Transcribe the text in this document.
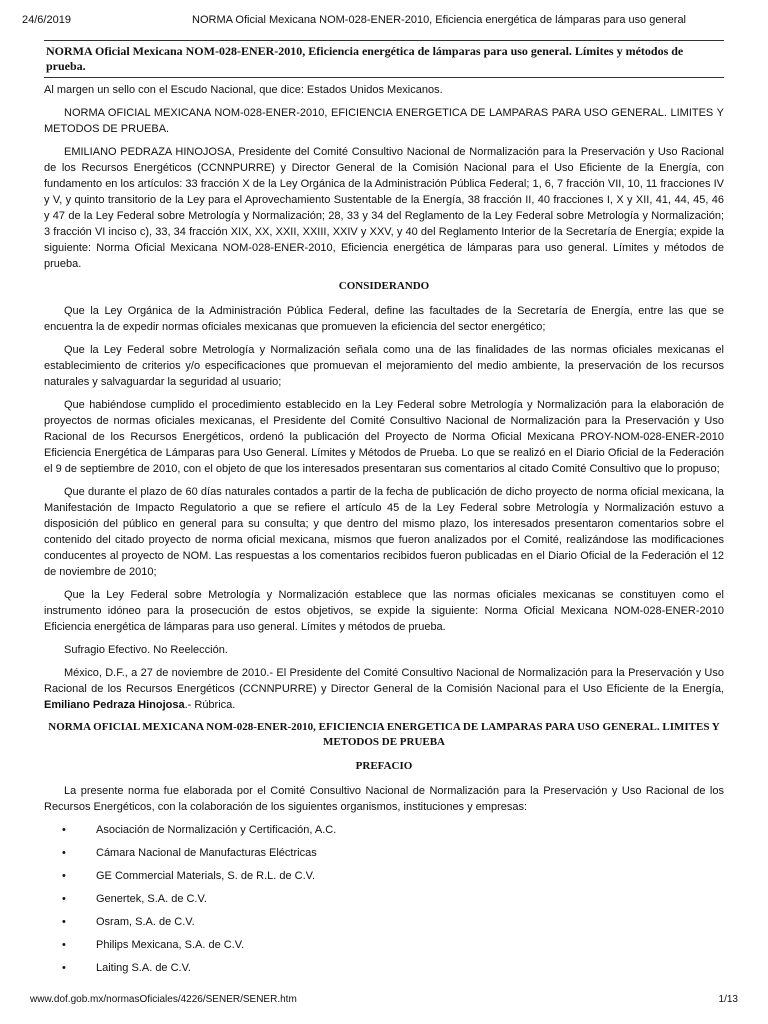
24/6/2019	NORMA Oficial Mexicana NOM-028-ENER-2010, Eficiencia energética de lámparas para uso general
NORMA Oficial Mexicana NOM-028-ENER-2010, Eficiencia energética de lámparas para uso general. Límites y métodos de prueba.

Al margen un sello con el Escudo Nacional, que dice: Estados Unidos Mexicanos.

NORMA OFICIAL MEXICANA NOM-028-ENER-2010, EFICIENCIA ENERGETICA DE LAMPARAS PARA USO GENERAL. LIMITES Y METODOS DE PRUEBA.

EMILIANO PEDRAZA HINOJOSA, Presidente del Comité Consultivo Nacional de Normalización para la Preservación y Uso Racional de los Recursos Energéticos (CCNNPURRE) y Director General de la Comisión Nacional para el Uso Eficiente de la Energía, con fundamento en los artículos: 33 fracción X de la Ley Orgánica de la Administración Pública Federal; 1, 6, 7 fracción VII, 10, 11 fracciones IV y V, y quinto transitorio de la Ley para el Aprovechamiento Sustentable de la Energía, 38 fracción II, 40 fracciones I, X y XII, 41, 44, 45, 46 y 47 de la Ley Federal sobre Metrología y Normalización; 28, 33 y 34 del Reglamento de la Ley Federal sobre Metrología y Normalización; 3 fracción VI inciso c), 33, 34 fracción XIX, XX, XXII, XXIII, XXIV y XXV, y 40 del Reglamento Interior de la Secretaría de Energía; expide la siguiente: Norma Oficial Mexicana NOM-028-ENER-2010, Eficiencia energética de lámparas para uso general. Límites y métodos de prueba.

CONSIDERANDO

Que la Ley Orgánica de la Administración Pública Federal, define las facultades de la Secretaría de Energía, entre las que se encuentra la de expedir normas oficiales mexicanas que promueven la eficiencia del sector energético;

Que la Ley Federal sobre Metrología y Normalización señala como una de las finalidades de las normas oficiales mexicanas el establecimiento de criterios y/o especificaciones que promuevan el mejoramiento del medio ambiente, la preservación de los recursos naturales y salvaguardar la seguridad al usuario;

Que habiéndose cumplido el procedimiento establecido en la Ley Federal sobre Metrología y Normalización para la elaboración de proyectos de normas oficiales mexicanas, el Presidente del Comité Consultivo Nacional de Normalización para la Preservación y Uso Racional de los Recursos Energéticos, ordenó la publicación del Proyecto de Norma Oficial Mexicana PROY-NOM-028-ENER-2010 Eficiencia Energética de Lámparas para Uso General. Límites y Métodos de Prueba. Lo que se realizó en el Diario Oficial de la Federación el 9 de septiembre de 2010, con el objeto de que los interesados presentaran sus comentarios al citado Comité Consultivo que lo propuso;

Que durante el plazo de 60 días naturales contados a partir de la fecha de publicación de dicho proyecto de norma oficial mexicana, la Manifestación de Impacto Regulatorio a que se refiere el artículo 45 de la Ley Federal sobre Metrología y Normalización estuvo a disposición del público en general para su consulta; y que dentro del mismo plazo, los interesados presentaron comentarios sobre el contenido del citado proyecto de norma oficial mexicana, mismos que fueron analizados por el Comité, realizándose las modificaciones conducentes al proyecto de NOM. Las respuestas a los comentarios recibidos fueron publicadas en el Diario Oficial de la Federación el 12 de noviembre de 2010;

Que la Ley Federal sobre Metrología y Normalización establece que las normas oficiales mexicanas se constituyen como el instrumento idóneo para la prosecución de estos objetivos, se expide la siguiente: Norma Oficial Mexicana NOM-028-ENER-2010 Eficiencia energética de lámparas para uso general. Límites y métodos de prueba.

Sufragio Efectivo. No Reelección.

México, D.F., a 27 de noviembre de 2010.- El Presidente del Comité Consultivo Nacional de Normalización para la Preservación y Uso Racional de los Recursos Energéticos (CCNNPURRE) y Director General de la Comisión Nacional para el Uso Eficiente de la Energía, Emiliano Pedraza Hinojosa.- Rúbrica.

NORMA OFICIAL MEXICANA NOM-028-ENER-2010, EFICIENCIA ENERGETICA DE LAMPARAS PARA USO GENERAL. LIMITES Y METODOS DE PRUEBA
PREFACIO

La presente norma fue elaborada por el Comité Consultivo Nacional de Normalización para la Preservación y Uso Racional de los Recursos Energéticos, con la colaboración de los siguientes organismos, instituciones y empresas:

•	Asociación de Normalización y Certificación, A.C.
•	Cámara Nacional de Manufacturas Eléctricas
•	GE Commercial Materials, S. de R.L. de C.V.
•	Genertek, S.A. de C.V.
•	Osram, S.A. de C.V.
•	Philips Mexicana, S.A. de C.V.
•	Laiting S.A. de C.V.
www.dof.gob.mx/normasOficiales/4226/SENER/SENER.htm	1/13
